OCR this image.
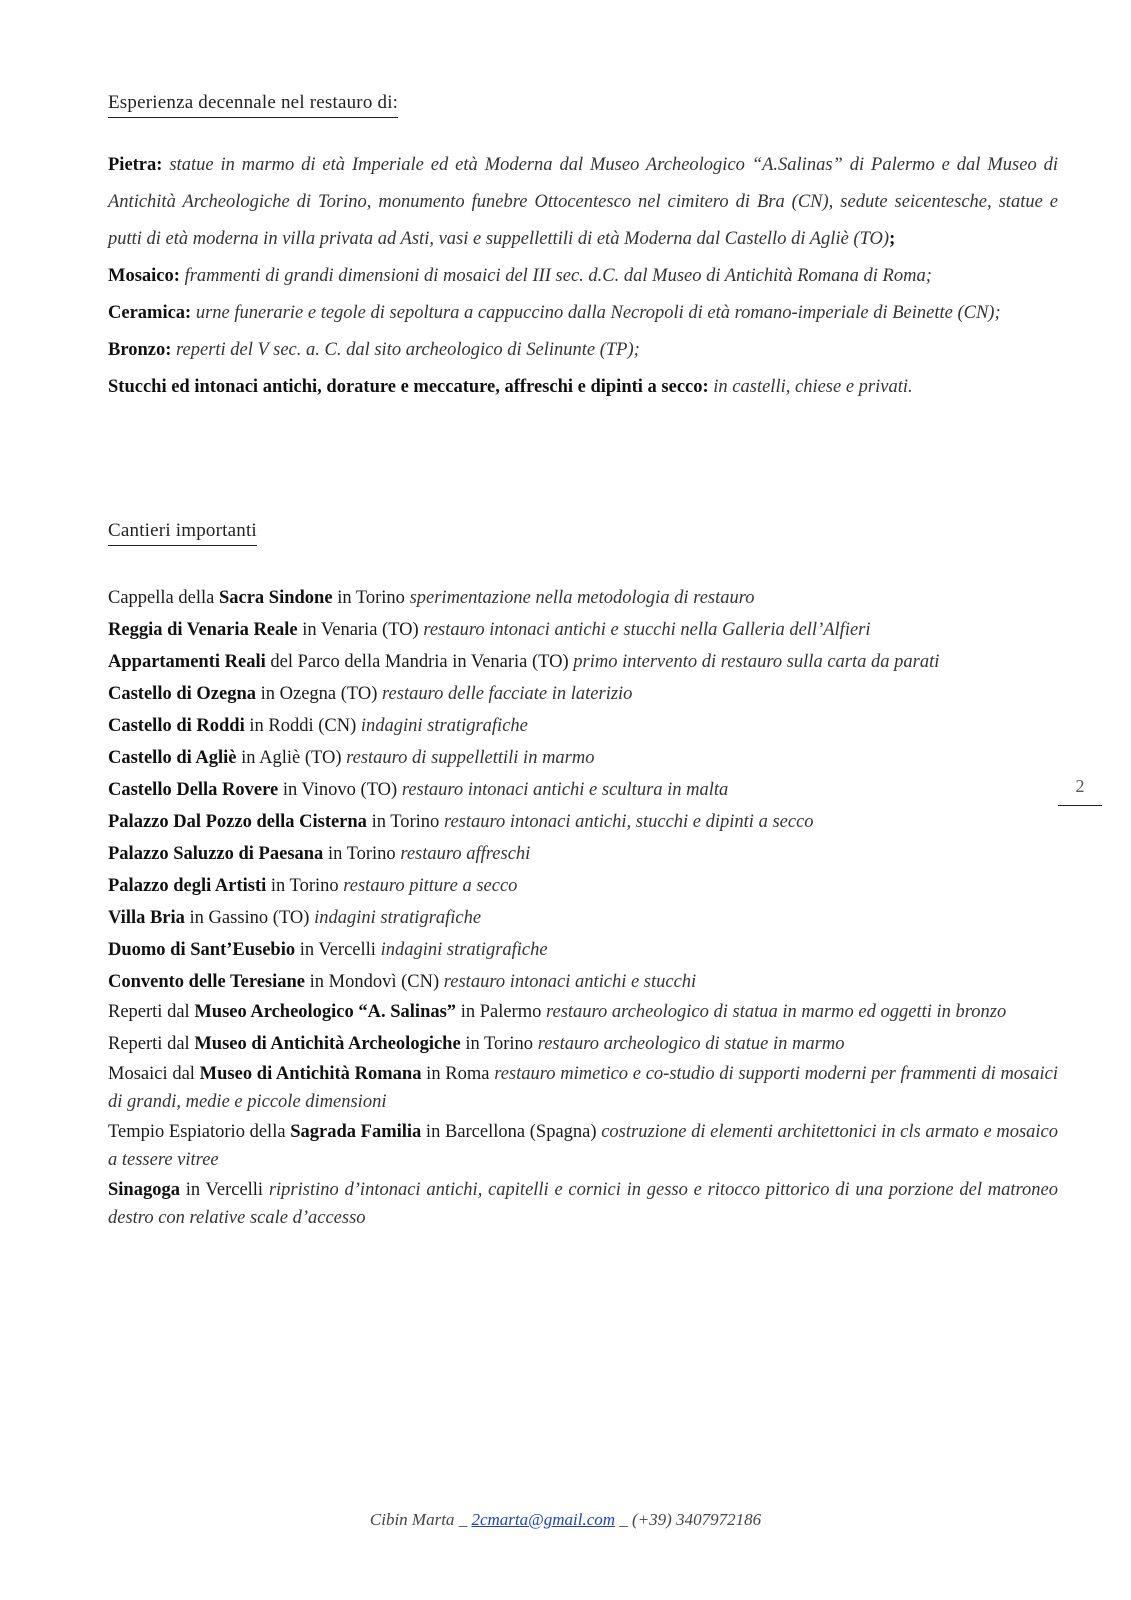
Esperienza decennale nel restauro di:
Pietra: statue in marmo di età Imperiale ed età Moderna dal Museo Archeologico “A.Salinas” di Palermo e dal Museo di Antichità Archeologiche di Torino, monumento funebre Ottocentesco nel cimitero di Bra (CN), sedute seicentesche, statue e putti di età moderna in villa privata ad Asti, vasi e suppellettili di età Moderna dal Castello di Agliè (TO);
Mosaico: frammenti di grandi dimensioni di mosaici del III sec. d.C. dal Museo di Antichità Romana di Roma;
Ceramica: urne funerarie e tegole di sepoltura a cappuccino dalla Necropoli di età romano-imperiale di Beinette (CN);
Bronzo: reperti del V sec. a. C. dal sito archeologico di Selinunte (TP);
Stucchi ed intonaci antichi, dorature e meccature, affreschi e dipinti a secco: in castelli, chiese e privati.
Cantieri importanti
Cappella della Sacra Sindone in Torino sperimentazione nella metodologia di restauro
Reggia di Venaria Reale in Venaria (TO) restauro intonaci antichi e stucchi nella Galleria dell’Alfieri
Appartamenti Reali del Parco della Mandria in Venaria (TO) primo intervento di restauro sulla carta da parati
Castello di Ozegna in Ozegna (TO) restauro delle facciate in laterizio
Castello di Roddi in Roddi (CN) indagini stratigrafiche
Castello di Agliè in Agliè (TO) restauro di suppellettili in marmo
Castello Della Rovere in Vinovo (TO) restauro intonaci antichi e scultura in malta
Palazzo Dal Pozzo della Cisterna in Torino restauro intonaci antichi, stucchi e dipinti a secco
Palazzo Saluzzo di Paesana in Torino restauro affreschi
Palazzo degli Artisti in Torino restauro pitture a secco
Villa Bria in Gassino (TO) indagini stratigrafiche
Duomo di Sant’Eusebio in Vercelli indagini stratigrafiche
Convento delle Teresiane in Mondovì (CN) restauro intonaci antichi e stucchi
Reperti dal Museo Archeologico “A. Salinas” in Palermo restauro archeologico di statua in marmo ed oggetti in bronzo
Reperti dal Museo di Antichità Archeologiche in Torino restauro archeologico di statue in marmo
Mosaici dal Museo di Antichità Romana in Roma restauro mimetico e co-studio di supporti moderni per frammenti di mosaici di grandi, medie e piccole dimensioni
Tempio Espiatorio della Sagrada Familia in Barcellona (Spagna) costruzione di elementi architettonici in cls armato e mosaico a tessere vitree
Sinagoga in Vercelli ripristino d’intonaci antichi, capitelli e cornici in gesso e ritocco pittorico di una porzione del matroneo destro con relative scale d’accesso
2
Cibin Marta _ 2cmarta@gmail.com _ (+39) 3407972186
